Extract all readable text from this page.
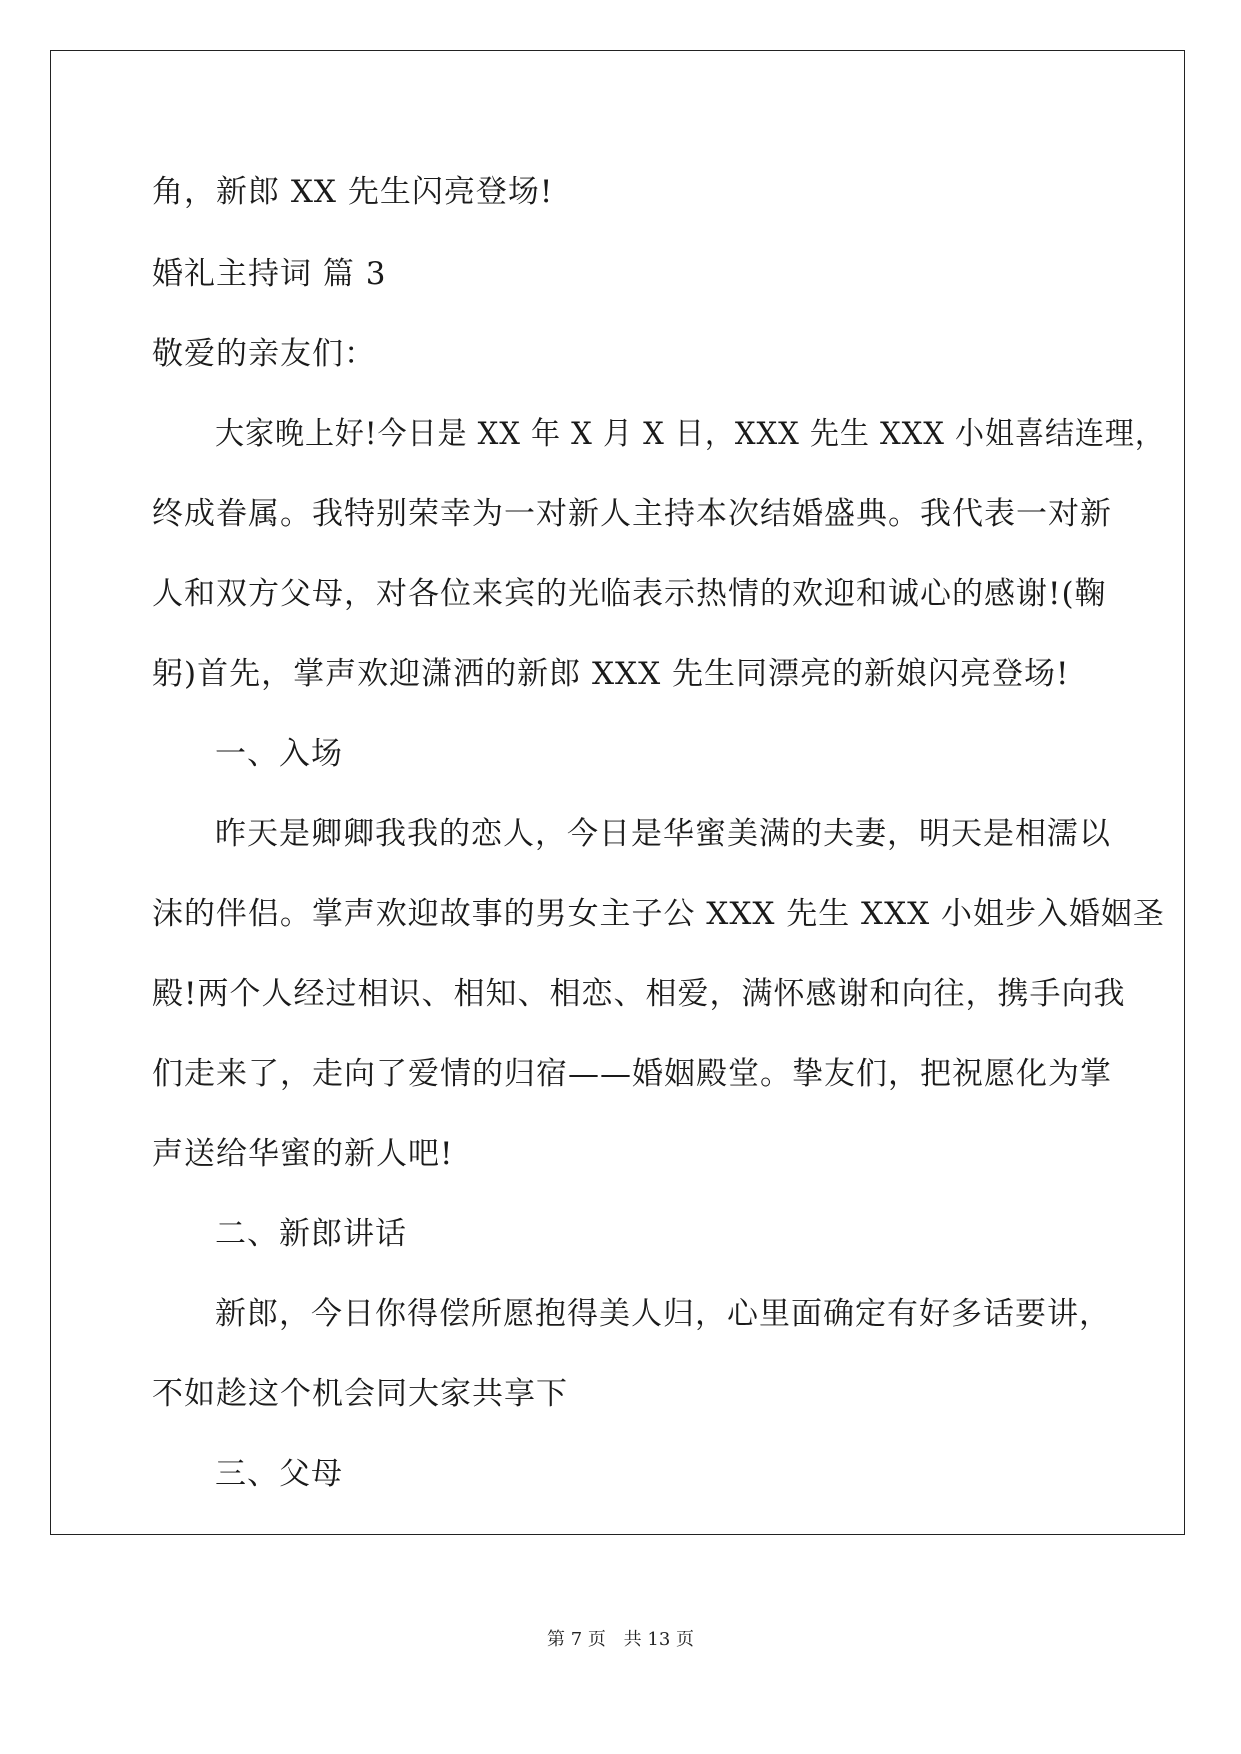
角，新郎 XX 先生闪亮登场!
婚礼主持词 篇 3
敬爱的亲友们：
大家晚上好!今日是 XX 年 X 月 X 日，XXX 先生 XXX 小姐喜结连理，
终成眷属。我特别荣幸为一对新人主持本次结婚盛典。我代表一对新
人和双方父母，对各位来宾的光临表示热情的欢迎和诚心的感谢!(鞠
躬)首先，掌声欢迎潇洒的新郎 XXX 先生同漂亮的新娘闪亮登场!
一、入场
昨天是卿卿我我的恋人，今日是华蜜美满的夫妻，明天是相濡以
沫的伴侣。掌声欢迎故事的男女主子公 XXX 先生 XXX 小姐步入婚姻圣
殿!两个人经过相识、相知、相恋、相爱，满怀感谢和向往，携手向我
们走来了，走向了爱情的归宿——婚姻殿堂。挚友们，把祝愿化为掌
声送给华蜜的新人吧!
二、新郎讲话
新郎，今日你得偿所愿抱得美人归，心里面确定有好多话要讲，
不如趁这个机会同大家共享下
三、父母
第 7 页 共 13 页
